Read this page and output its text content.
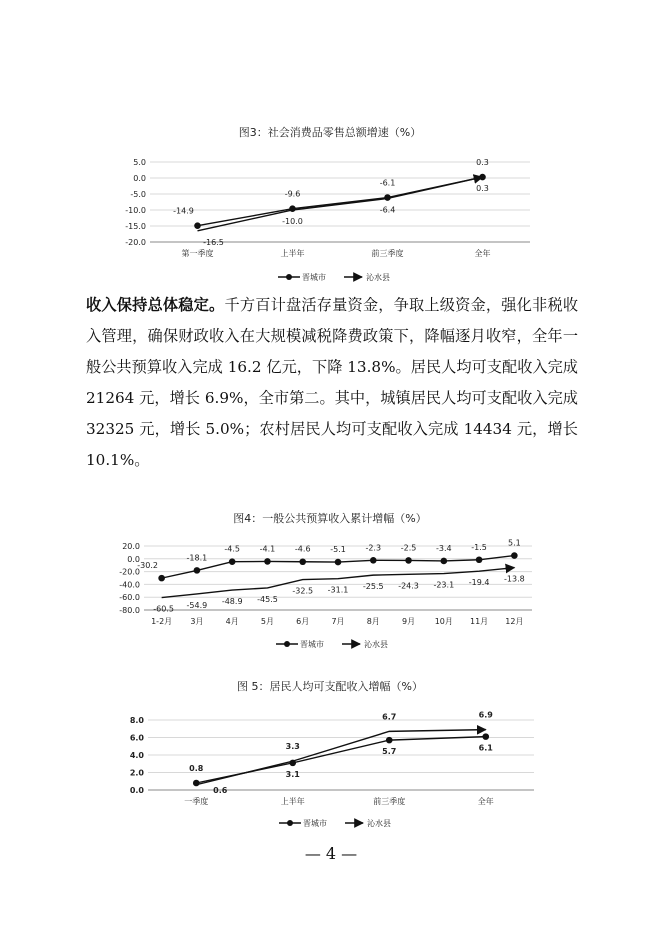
图3：社会消费品零售总额增速（%）
5.0
0.0
-5.0
-10.0
-15.0
-20.0
第一季度	上半年	前三季度	全年
-14.9
-9.6
-6.1
0.3
-16.5
-10.0
-6.4
0.3
晋城市	沁水县

收入保持总体稳定。千方百计盘活存量资金，争取上级资金，强化非税收入管理，确保财政收入在大规模减税降费政策下，降幅逐月收窄，全年一般公共预算收入完成 16.2 亿元，下降 13.8%。居民人均可支配收入完成 21264 元，增长 6.9%，全市第二。其中，城镇居民人均可支配收入完成 32325 元，增长 5.0%；农村居民人均可支配收入完成 14434 元，增长 10.1%。

图4：一般公共预算收入累计增幅（%）
20.0
0.0
-20.0
-40.0
-60.0
-80.0
1-2月 3月	4月	5月	6月	7月	8月	9月 10月 11月 12月
-30.2
-18.1
-4.5 -4.1 -4.6 -5.1 -2.3 -2.5 -3.4 -1.5	5.1
-60.5 -54.9 -48.9 -45.5
-32.5 -31.1 -25.5 -24.3 -23.1 -19.4 -13.8
晋城市	沁水县
图 5：居民人均可支配收入增幅（%）
8.0
6.0
4.0
2.0
0.0
一季度	上半年	前三季度	全年
0.8
3.1
5.7	6.1
0.6
3.3
6.7	6.9
晋城市	沁水县
— 4 —
